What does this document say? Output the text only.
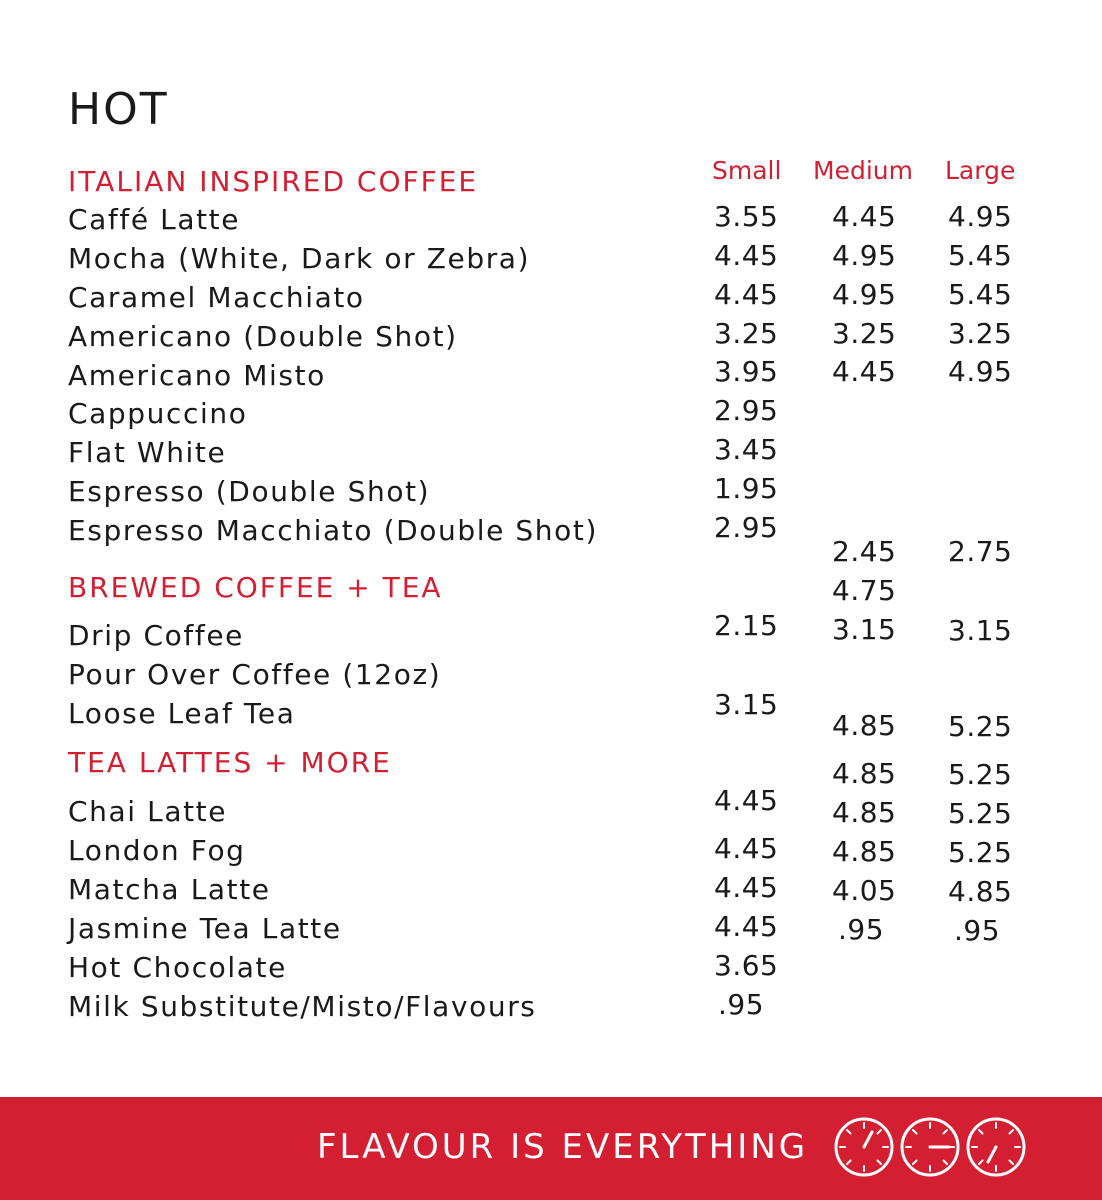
HOT
Small Medium Large
ITALIAN INSPIRED COFFEE
BREWED COFFEE + TEA
TEA LATTES + MORE
Caffé Latte
Mocha (White, Dark or Zebra)
Caramel Macchiato
Americano (Double Shot)
Americano Misto
Cappuccino
Flat White
Espresso (Double Shot)
Espresso Macchiato (Double Shot)
Drip Coffee
Pour Over Coffee (12oz)
Loose Leaf Tea
Chai Latte
London Fog
Matcha Latte
Jasmine Tea Latte
Hot Chocolate
Milk Substitute/Misto/Flavours
3.55
4.45
4.45
3.25
3.95
2.95
3.45
1.95
2.95
2.15
3.15
4.45
4.45
4.45
4.45
3.65
.95
4.45
4.95
4.95
3.25
4.45
2.45
4.75
3.15
4.85
4.85
4.85
4.85
4.05
.95
4.95
5.45
5.45
3.25
4.95
2.75
3.15
5.25
5.25
5.25
5.25
4.85
.95
FLAVOUR IS EVERYTHING
